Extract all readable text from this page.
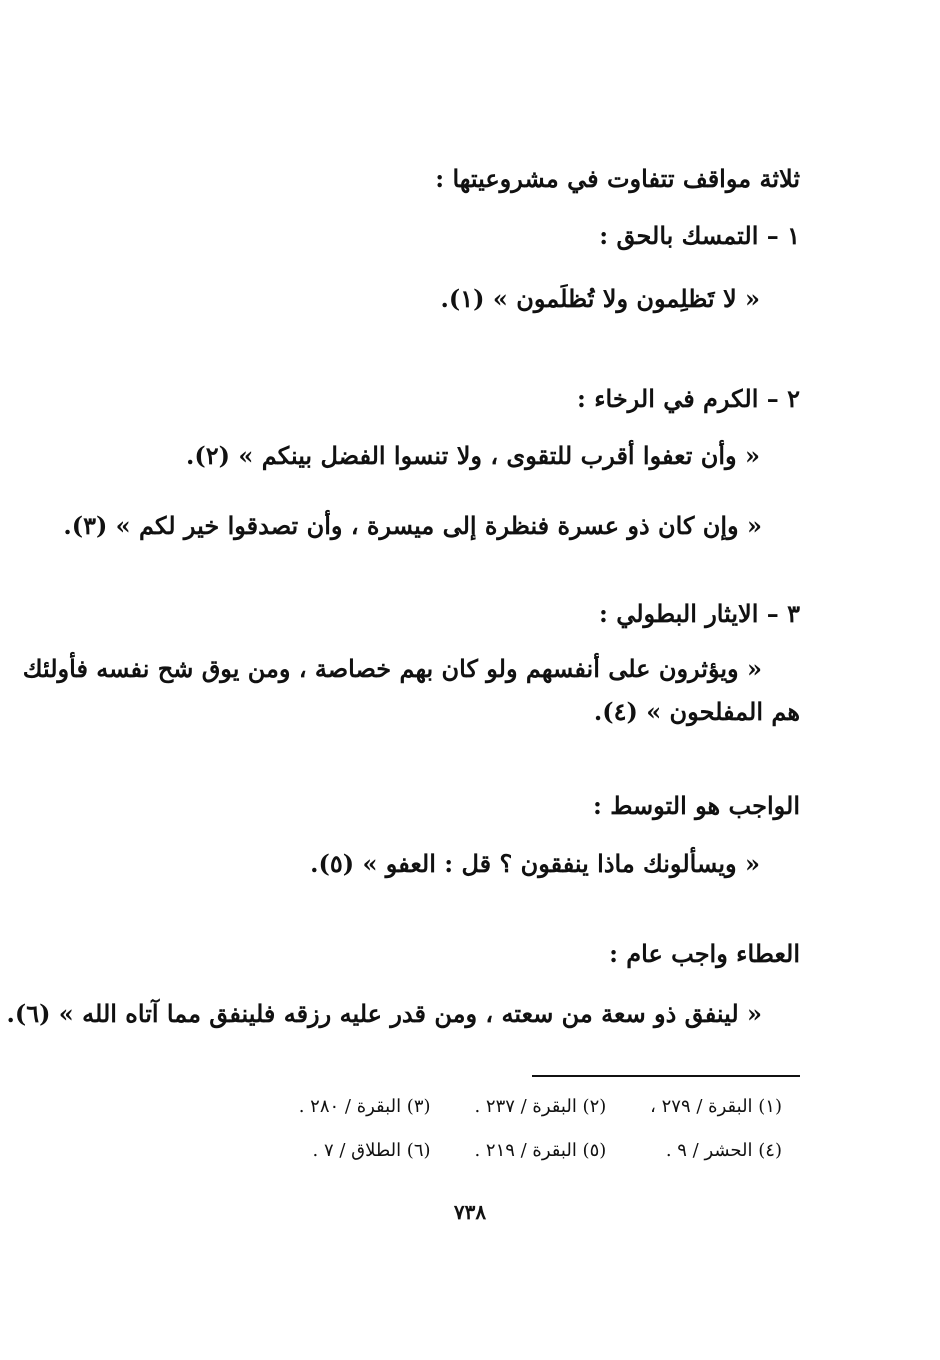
ثلاثة مواقف تتفاوت في مشروعيتها :
١ – التمسك بالحق :
« لا تَظلِمون ولا تُظلَمون » (١).
٢ – الكرم في الرخاء :
« وأن تعفوا أقرب للتقوى ، ولا تنسوا الفضل بينكم » (٢).
« وإن كان ذو عسرة فنظرة إلى ميسرة ، وأن تصدقوا خير لكم » (٣).
٣ – الايثار البطولي :
« ويؤثرون على أنفسهم ولو كان بهم خصاصة ، ومن يوق شح نفسه فأولئك
هم المفلحون » (٤).
الواجب هو التوسط :
« ويسألونك ماذا ينفقون ؟ قل : العفو » (٥).
العطاء واجب عام :
« لينفق ذو سعة من سعته ، ومن قدر عليه رزقه فلينفق مما آتاه الله » (٦).
(١) البقرة / ٢٧٩ ، (٢) البقرة / ٢٣٧ . (٣) البقرة / ٢٨٠ .
(٤) الحشر / ٩ . (٥) البقرة / ٢١٩ . (٦) الطلاق / ٧ .
٧٣٨
